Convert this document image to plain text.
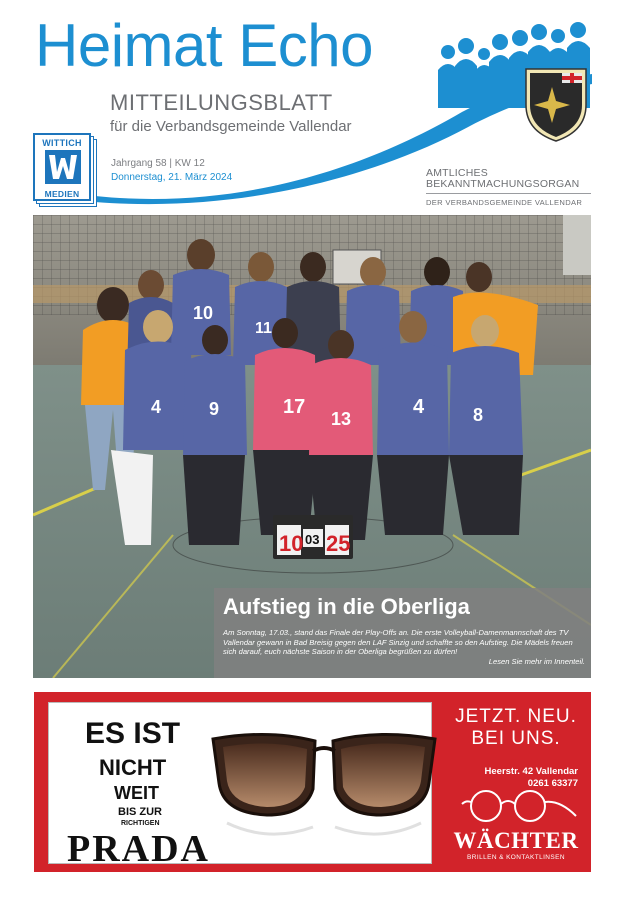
Heimat Echo
MITTEILUNGSBLATT
für die Verbandsgemeinde Vallendar
WITTICH
MEDIEN
Jahrgang 58 | KW 12
Donnerstag, 21. März 2024	AMTLICHES
BEKANNTMACHUNGSORGAN
DER VERBANDSGEMEINDE VALLENDAR
10
11
4
9	17
13
4	8
10 03 25
Aufstieg in die Oberliga
Am Sonntag, 17.03., stand das Finale der Play-Offs an. Die erste Volleyball-Damenmannschaft des TV Vallendar gewann in Bad Breisig gegen den LAF Sinzig und schaffte so den Aufstieg. Die Mädels freuen sich darauf, euch nächste Saison in der Oberliga begrüßen zu dürfen!
Lesen Sie mehr im Innenteil.
ES IST
NICHT
WEIT
BIS ZUR
RICHTIGEN
PRADA
JETZT. NEU.
BEI UNS.
Heerstr. 42 Vallendar
0261 63377
WÄCHTER
BRILLEN & KONTAKTLINSEN
